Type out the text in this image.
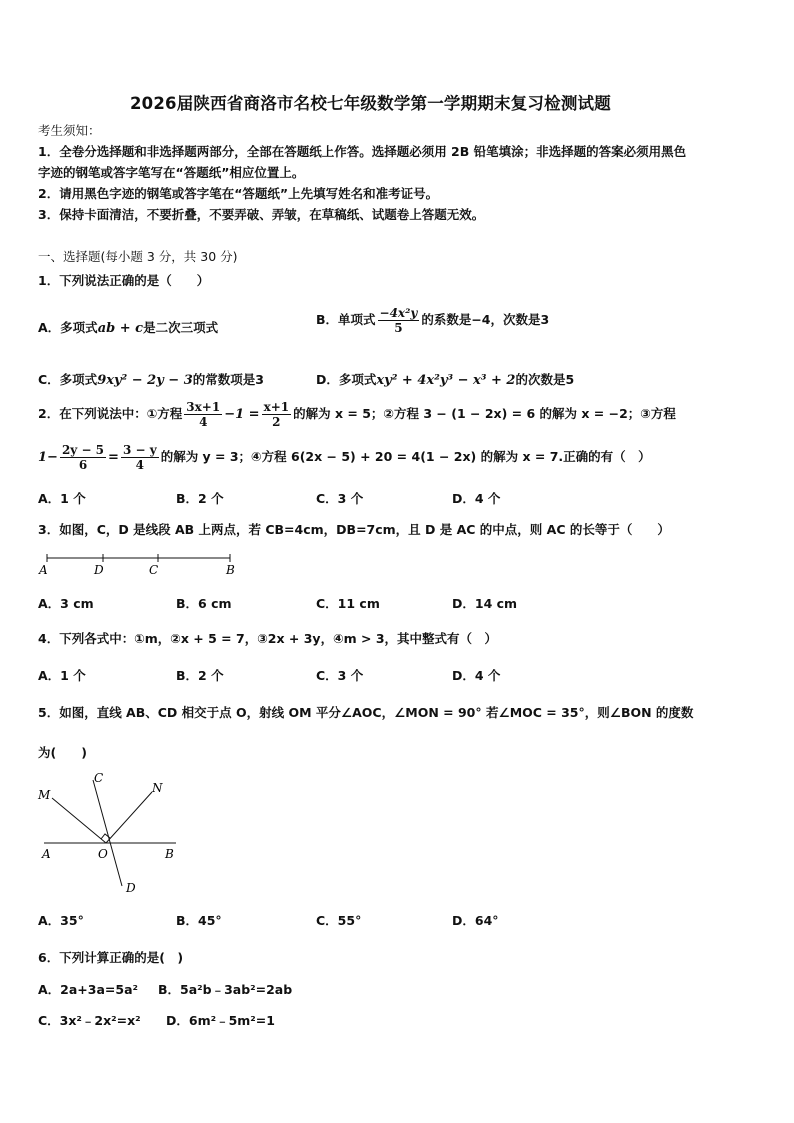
2026届陕西省商洛市名校七年级数学第一学期期末复习检测试题
考生须知：
1．全卷分选择题和非选择题两部分，全部在答题纸上作答。选择题必须用 2B 铅笔填涂；非选择题的答案必须用黑色
字迹的钢笔或答字笔写在“答题纸”相应位置上。
2．请用黑色字迹的钢笔或答字笔在“答题纸”上先填写姓名和准考证号。
3．保持卡面清洁，不要折叠，不要弄破、弄皱，在草稿纸、试题卷上答题无效。
一、选择题(每小题 3 分，共 30 分)
1．下列说法正确的是（　　）
A．多项式ab + c是二次三项式
B．单项式 $\frac{\text{−4x²y}}{5}$ 的系数是−4，次数是3
C．多项式9xy² − 2y − 3的常数项是3	D．多项式xy² + 4x²y³ − x³ + 2的次数是5
2．在下列说法中：①方程 $\frac{3x+1}{4} -1 = \frac{x+1}{2}$ 的解为 x = 5；②方程 3 − (1 − 2x) = 6 的解为 x = −2；③方程
$1- \frac{2y - 5}{6} = \frac{3 - y}{4}$ 的解为 y = 3；④方程 6(2x − 5) + 20 = 4(1 − 2x) 的解为 x = 7.正确的有（　）
A．1 个	B．2 个	C．3 个	D．4 个
3．如图，C，D 是线段 AB 上两点，若 CB=4cm，DB=7cm，且 D 是 AC 的中点，则 AC 的长等于（　　）
A	D	C	B
A．3 cm	B．6 cm	C．11 cm	D．14 cm
4．下列各式中：①m，②x + 5 = 7，③2x + 3y，④m > 3，其中整式有（　）
A．1 个	B．2 个	C．3 个	D．4 个
5．如图，直线 AB、CD 相交于点 O，射线 OM 平分∠AOC，∠MON = 90° 若∠MOC = 35°，则∠BON 的度数
为(　　)
M
C
N
A	O	B
D
A．35°	B．45°	C．55°	D．64°
6．下列计算正确的是(　)
A．2a+3a=5a² B．5a²b﹣3ab²=2ab
C．3x²﹣2x²=x² D．6m²﹣5m²=1
